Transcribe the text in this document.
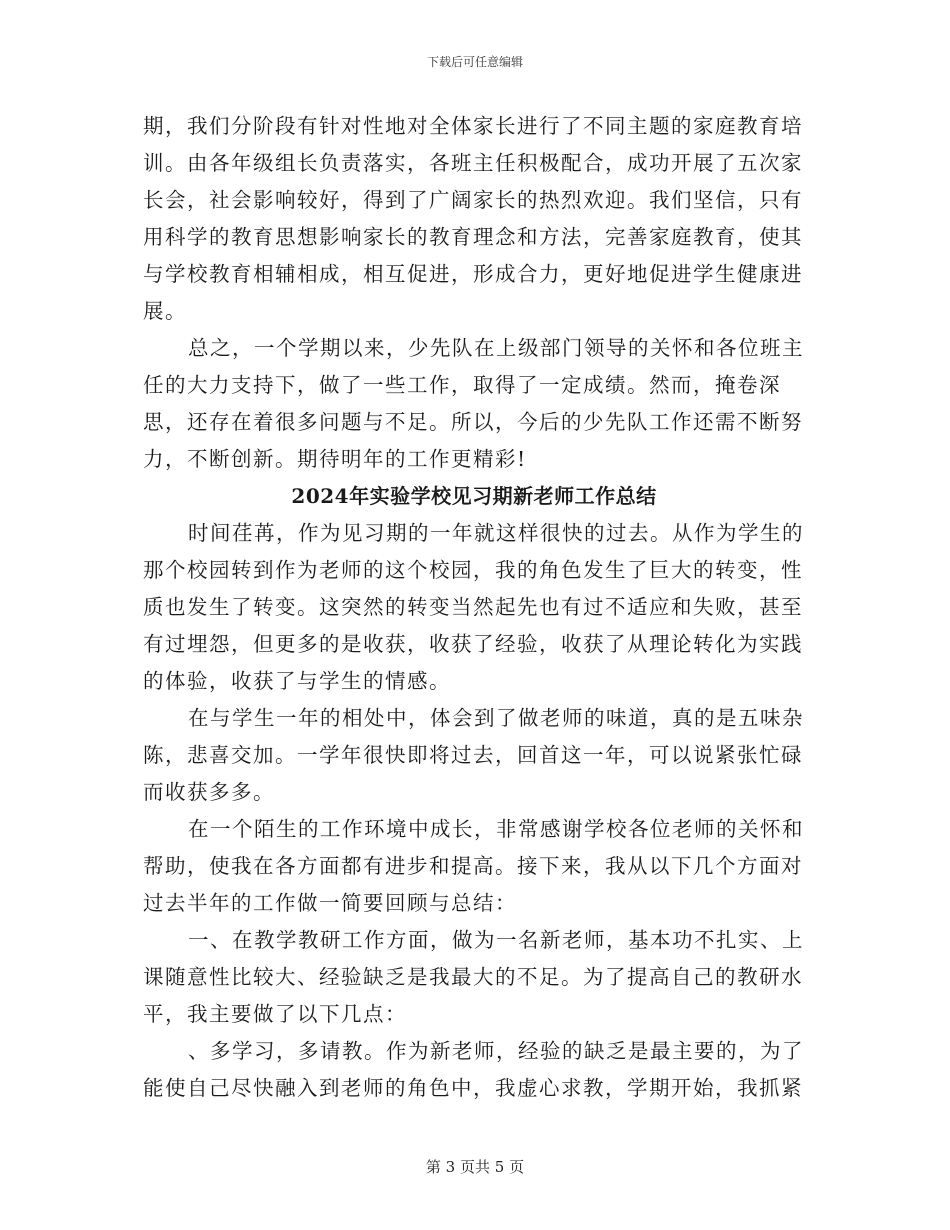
下载后可任意编辑

期，我们分阶段有针对性地对全体家长进行了不同主题的家庭教育培训。由各年级组长负责落实，各班主任积极配合，成功开展了五次家长会，社会影响较好，得到了广阔家长的热烈欢迎。我们坚信，只有用科学的教育思想影响家长的教育理念和方法，完善家庭教育，使其与学校教育相辅相成，相互促进，形成合力，更好地促进学生健康进展。

总之，一个学期以来，少先队在上级部门领导的关怀和各位班主任的大力支持下，做了一些工作，取得了一定成绩。然而，掩卷深思，还存在着很多问题与不足。所以，今后的少先队工作还需不断努力，不断创新。期待明年的工作更精彩!

2024年实验学校见习期新老师工作总结

时间荏苒，作为见习期的一年就这样很快的过去。从作为学生的那个校园转到作为老师的这个校园，我的角色发生了巨大的转变，性质也发生了转变。这突然的转变当然起先也有过不适应和失败，甚至有过埋怨，但更多的是收获，收获了经验，收获了从理论转化为实践的体验，收获了与学生的情感。

在与学生一年的相处中，体会到了做老师的味道，真的是五味杂陈，悲喜交加。一学年很快即将过去，回首这一年，可以说紧张忙碌而收获多多。

在一个陌生的工作环境中成长，非常感谢学校各位老师的关怀和帮助，使我在各方面都有进步和提高。接下来，我从以下几个方面对过去半年的工作做一简要回顾与总结：

一、在教学教研工作方面，做为一名新老师，基本功不扎实、上课随意性比较大、经验缺乏是我最大的不足。为了提高自己的教研水平，我主要做了以下几点：

、多学习，多请教。作为新老师，经验的缺乏是最主要的，为了能使自己尽快融入到老师的角色中，我虚心求教，学期开始，我抓紧

第 3 页共 5 页
